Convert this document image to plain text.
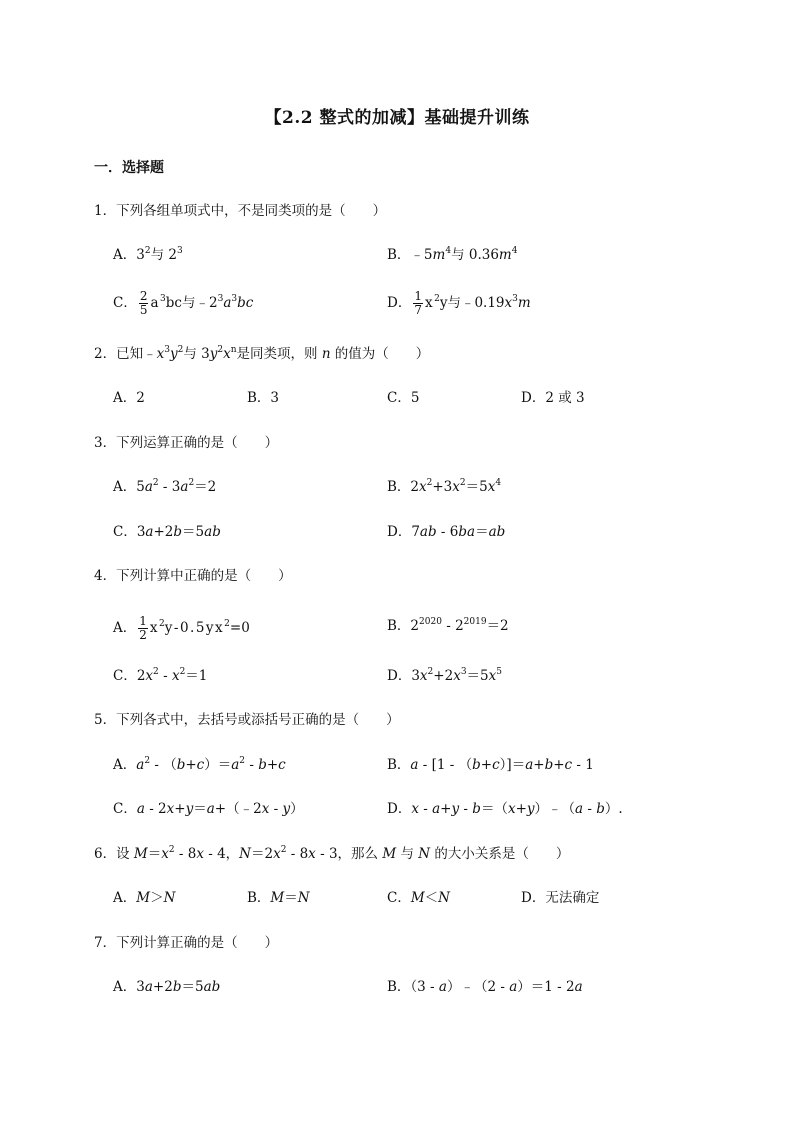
【2.2 整式的加减】基础提升训练
一．选择题
1．下列各组单项式中，不是同类项的是（　　）
A．$3^2$与 $2^3$	B．$﹣5m^4$与 $0.36m^4$
C． $\frac{2}{5} a^3bc$与$﹣2^3a^3bc$	D． $\frac{1}{7} x^2y$与$﹣0.19x^3m$
2．已知$﹣x^3y^2$与 $3y^2x^n$是同类项，则 n 的值为（　　）
A．2	B．3	C．5	D．2 或 3
3．下列运算正确的是（　　）
A．$5a^2 - 3a^2=2$	B．$2x^2+3x^2=5x^4$
C．3a+2b＝5ab	D．7ab - 6ba＝ab
4．下列计算中正确的是（　　）
A． $\frac{1}{2} x^2y-0.5yx^2=0$	B．$2^{2020} - 2^{2019}=2$
C．$2x^2 - x^2=1$	D．$3x^2+2x^3=5x^5$
5．下列各式中，去括号或添括号正确的是（　　）
A．$a^2 - (b+c)=a^2 - b+c$	B．a - [1 - （b+c）]＝a+b+c - 1
C．a - 2x+y＝a+（﹣2x - y）	D．x - a+y - b＝（x+y）﹣（a - b）.
6．设 $M=x^2 - 8x - 4$，$N=2x^2 - 8x - 3$，那么 M 与 N 的大小关系是（　　）
A．M＞N	B．M＝N	C．M＜N	D．无法确定
7．下列计算正确的是（　　）
A．3a+2b＝5ab	B．（3 - a）﹣（2 - a）＝1 - 2a
